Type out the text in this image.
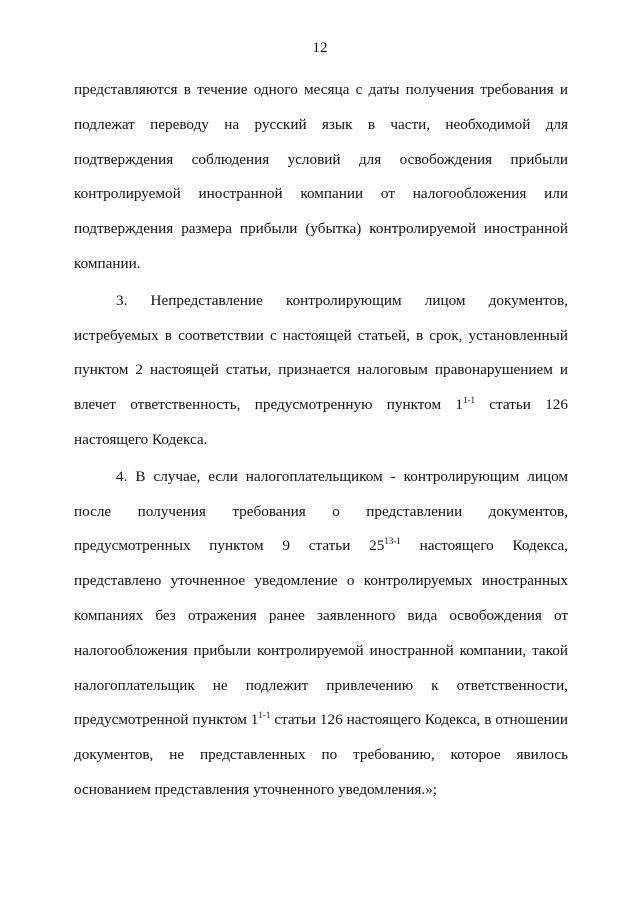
12

представляются в течение одного месяца с даты получения требования и подлежат переводу на русский язык в части, необходимой для подтверждения соблюдения условий для освобождения прибыли контролируемой иностранной компании от налогообложения или подтверждения размера прибыли (убытка) контролируемой иностранной компании.

3. Непредставление контролирующим лицом документов, истребуемых в соответствии с настоящей статьей, в срок, установленный пунктом 2 настоящей статьи, признается налоговым правонарушением и влечет ответственность, предусмотренную пунктом 1$^{1-1}$ статьи 126 настоящего Кодекса.

4. В случае, если налогоплательщиком - контролирующим лицом после получения требования о представлении документов, предусмотренных пунктом 9 статьи 25$^{13-1}$ настоящего Кодекса, представлено уточненное уведомление о контролируемых иностранных компаниях без отражения ранее заявленного вида освобождения от налогообложения прибыли контролируемой иностранной компании, такой налогоплательщик не подлежит привлечению к ответственности, предусмотренной пунктом 1$^{1-1}$ статьи 126 настоящего Кодекса, в отношении документов, не представленных по требованию, которое явилось основанием представления уточненного уведомления.»;
